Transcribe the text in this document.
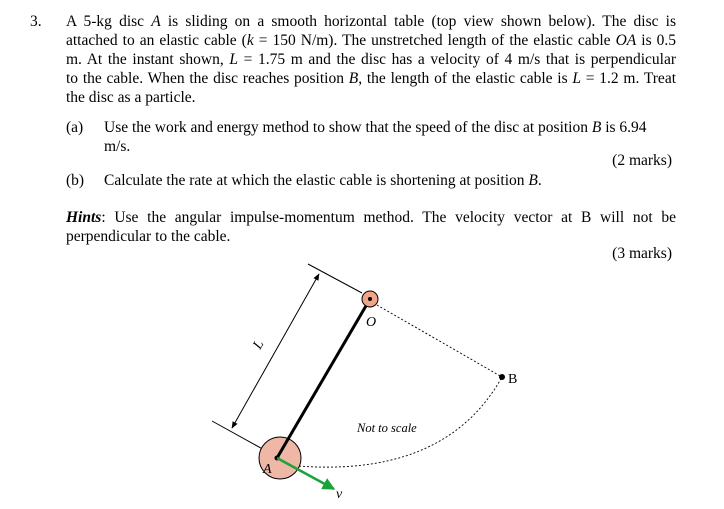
3. A 5-kg disc A is sliding on a smooth horizontal table (top view shown below). The disc is
attached to an elastic cable (k = 150 N/m). The unstretched length of the elastic cable OA is 0.5
m. At the instant shown, L = 1.75 m and the disc has a velocity of 4 m/s that is perpendicular
to the cable. When the disc reaches position B, the length of the elastic cable is L = 1.2 m. Treat
the disc as a particle.
(a) Use the work and energy method to show that the speed of the disc at position B is 6.94 m/s.
(2 marks)
(b) Calculate the rate at which the elastic cable is shortening at position B.
Hints: Use the angular impulse-momentum method. The velocity vector at B will not be
perpendicular to the cable.
(3 marks)
L
O
A
B
v
Not to scale
